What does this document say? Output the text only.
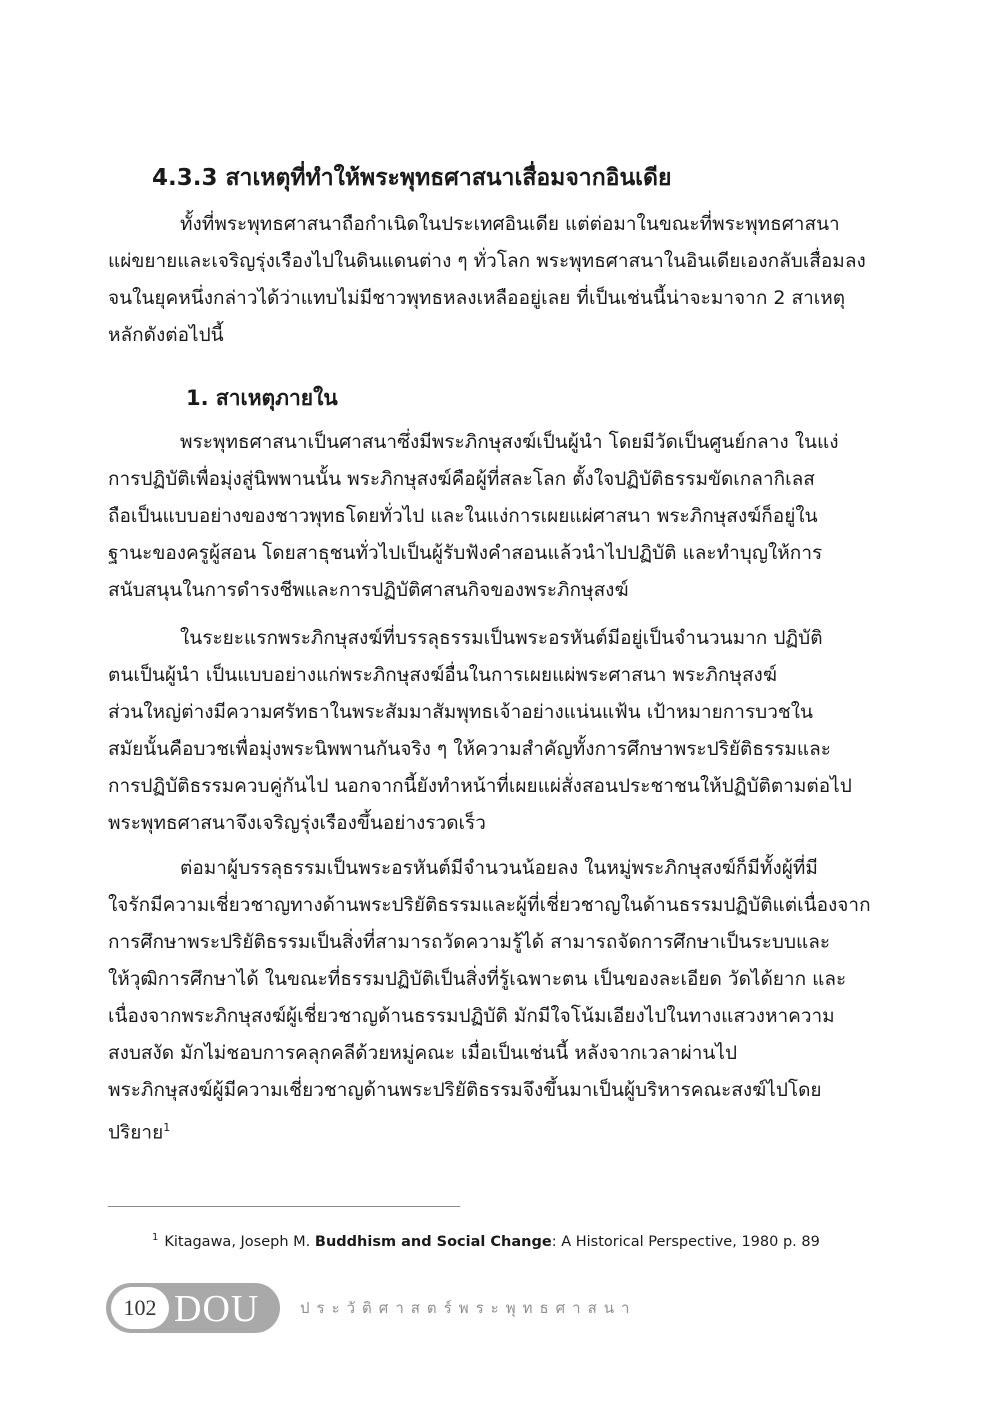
4.3.3 สาเหตุที่ทำให้พระพุทธศาสนาเสื่อมจากอินเดีย
ทั้งที่พระพุทธศาสนาถือกำเนิดในประเทศอินเดีย แต่ต่อมาในขณะที่พระพุทธศาสนา
แผ่ขยายและเจริญรุ่งเรืองไปในดินแดนต่าง ๆ ทั่วโลก พระพุทธศาสนาในอินเดียเองกลับเสื่อมลง
จนในยุคหนึ่งกล่าวได้ว่าแทบไม่มีชาวพุทธหลงเหลืออยู่เลย ที่เป็นเช่นนี้น่าจะมาจาก 2 สาเหตุ
หลักดังต่อไปนี้
1. สาเหตุภายใน
พระพุทธศาสนาเป็นศาสนาซึ่งมีพระภิกษุสงฆ์เป็นผู้นำ โดยมีวัดเป็นศูนย์กลาง ในแง่
การปฏิบัติเพื่อมุ่งสู่นิพพานนั้น พระภิกษุสงฆ์คือผู้ที่สละโลก ตั้งใจปฏิบัติธรรมขัดเกลากิเลส
ถือเป็นแบบอย่างของชาวพุทธโดยทั่วไป และในแง่การเผยแผ่ศาสนา พระภิกษุสงฆ์ก็อยู่ใน
ฐานะของครูผู้สอน โดยสาธุชนทั่วไปเป็นผู้รับฟังคำสอนแล้วนำไปปฏิบัติ และทำบุญให้การ
สนับสนุนในการดำรงชีพและการปฏิบัติศาสนกิจของพระภิกษุสงฆ์
ในระยะแรกพระภิกษุสงฆ์ที่บรรลุธรรมเป็นพระอรหันต์มีอยู่เป็นจำนวนมาก ปฏิบัติ
ตนเป็นผู้นำ เป็นแบบอย่างแก่พระภิกษุสงฆ์อื่นในการเผยแผ่พระศาสนา พระภิกษุสงฆ์
ส่วนใหญ่ต่างมีความศรัทธาในพระสัมมาสัมพุทธเจ้าอย่างแน่นแฟ้น เป้าหมายการบวชใน
สมัยนั้นคือบวชเพื่อมุ่งพระนิพพานกันจริง ๆ ให้ความสำคัญทั้งการศึกษาพระปริยัติธรรมและ
การปฏิบัติธรรมควบคู่กันไป นอกจากนี้ยังทำหน้าที่เผยแผ่สั่งสอนประชาชนให้ปฏิบัติตามต่อไป
พระพุทธศาสนาจึงเจริญรุ่งเรืองขึ้นอย่างรวดเร็ว
ต่อมาผู้บรรลุธรรมเป็นพระอรหันต์มีจำนวนน้อยลง ในหมู่พระภิกษุสงฆ์ก็มีทั้งผู้ที่มี
ใจรักมีความเชี่ยวชาญทางด้านพระปริยัติธรรมและผู้ที่เชี่ยวชาญในด้านธรรมปฏิบัติแต่เนื่องจาก
การศึกษาพระปริยัติธรรมเป็นสิ่งที่สามารถวัดความรู้ได้ สามารถจัดการศึกษาเป็นระบบและ
ให้วุฒิการศึกษาได้ ในขณะที่ธรรมปฏิบัติเป็นสิ่งที่รู้เฉพาะตน เป็นของละเอียด วัดได้ยาก และ
เนื่องจากพระภิกษุสงฆ์ผู้เชี่ยวชาญด้านธรรมปฏิบัติ มักมีใจโน้มเอียงไปในทางแสวงหาความ
สงบสงัด มักไม่ชอบการคลุกคลีด้วยหมู่คณะ เมื่อเป็นเช่นนี้ หลังจากเวลาผ่านไป
พระภิกษุสงฆ์ผู้มีความเชี่ยวชาญด้านพระปริยัติธรรมจึงขึ้นมาเป็นผู้บริหารคณะสงฆ์ไปโดย
ปริยาย$^1$
$^1$ Kitagawa, Joseph M. Buddhism and Social Change: A Historical Perspective, 1980 p. 89
102 DOU	ประวัติศาสตร์พระพุทธศาสนา
